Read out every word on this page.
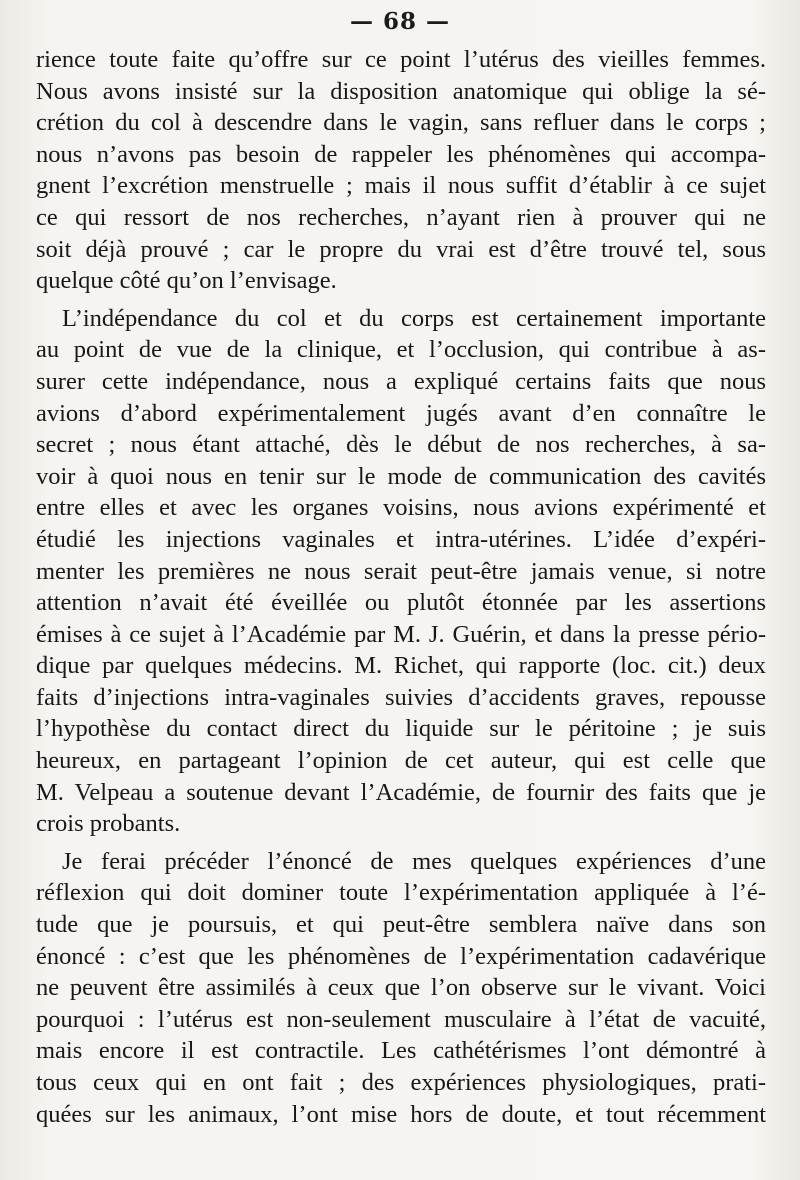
— 68 —
rience toute faite qu’offre sur ce point l’utérus des vieilles femmes.
Nous avons insisté sur la disposition anatomique qui oblige la sé-
crétion du col à descendre dans le vagin, sans refluer dans le corps ;
nous n’avons pas besoin de rappeler les phénomènes qui accompa-
gnent l’excrétion menstruelle ; mais il nous suffit d’établir à ce sujet
ce qui ressort de nos recherches, n’ayant rien à prouver qui ne
soit déjà prouvé ; car le propre du vrai est d’être trouvé tel, sous
quelque côté qu’on l’envisage.
L’indépendance du col et du corps est certainement importante
au point de vue de la clinique, et l’occlusion, qui contribue à as-
surer cette indépendance, nous a expliqué certains faits que nous
avions d’abord expérimentalement jugés avant d’en connaître le
secret ; nous étant attaché, dès le début de nos recherches, à sa-
voir à quoi nous en tenir sur le mode de communication des cavités
entre elles et avec les organes voisins, nous avions expérimenté et
étudié les injections vaginales et intra-utérines. L’idée d’expéri-
menter les premières ne nous serait peut-être jamais venue, si notre
attention n’avait été éveillée ou plutôt étonnée par les assertions
émises à ce sujet à l’Académie par M. J. Guérin, et dans la presse pério-
dique par quelques médecins. M. Richet, qui rapporte (loc. cit.) deux
faits d’injections intra-vaginales suivies d’accidents graves, repousse
l’hypothèse du contact direct du liquide sur le péritoine ; je suis
heureux, en partageant l’opinion de cet auteur, qui est celle que
M. Velpeau a soutenue devant l’Académie, de fournir des faits que je
crois probants.
Je ferai précéder l’énoncé de mes quelques expériences d’une
réflexion qui doit dominer toute l’expérimentation appliquée à l’é-
tude que je poursuis, et qui peut-être semblera naïve dans son
énoncé : c’est que les phénomènes de l’expérimentation cadavérique
ne peuvent être assimilés à ceux que l’on observe sur le vivant. Voici
pourquoi : l’utérus est non-seulement musculaire à l’état de vacuité,
mais encore il est contractile. Les cathétérismes l’ont démontré à
tous ceux qui en ont fait ; des expériences physiologiques, prati-
quées sur les animaux, l’ont mise hors de doute, et tout récemment
